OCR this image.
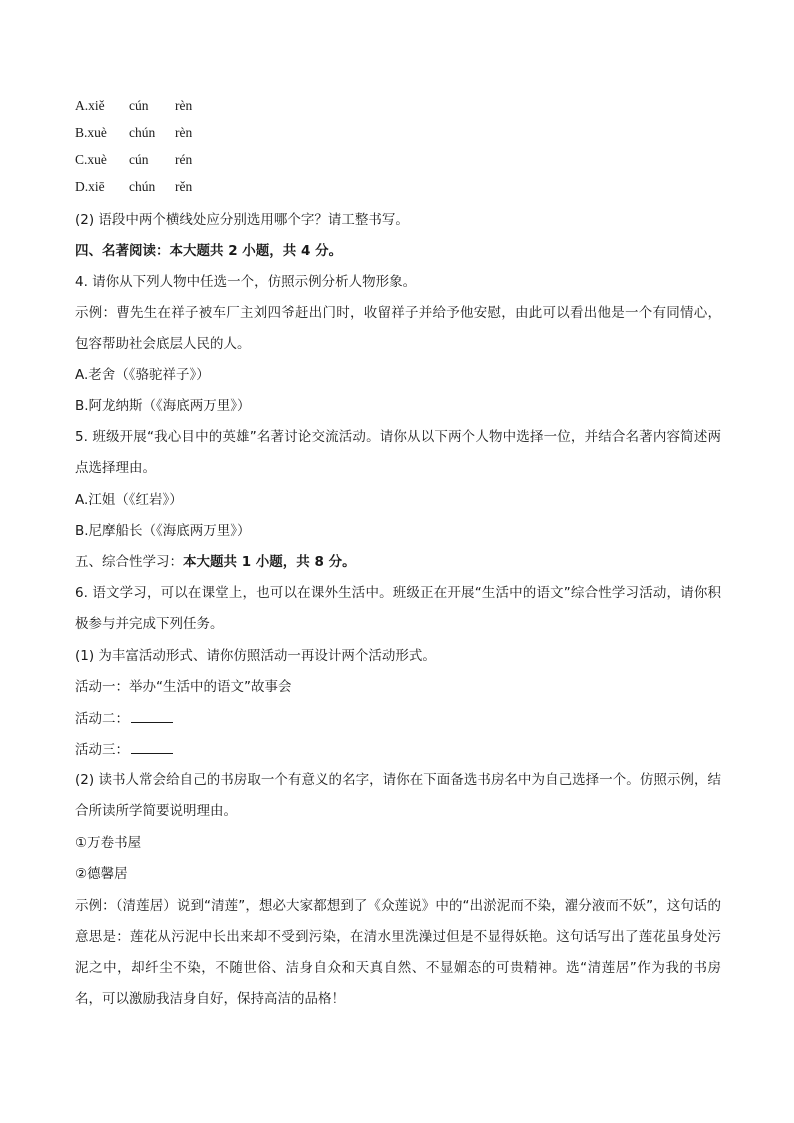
A.xiě cún rèn
B.xuè chún rèn
C.xuè cún rén
D.xiē chún rěn
(2) 语段中两个横线处应分别选用哪个字？请工整书写。
四、名著阅读：本大题共 2 小题，共 4 分。
4. 请你从下列人物中任选一个，仿照示例分析人物形象。
示例：曹先生在祥子被车厂主刘四爷赶出门时，收留祥子并给予他安慰，由此可以看出他是一个有同情心，包容帮助社会底层人民的人。
A.老舍（《骆驼祥子》）
B.阿龙纳斯（《海底两万里》）
5. 班级开展“我心目中的英雄”名著讨论交流活动。请你从以下两个人物中选择一位，并结合名著内容简述两点选择理由。
A.江姐（《红岩》）
B.尼摩船长（《海底两万里》）
五、综合性学习：本大题共 1 小题，共 8 分。
6. 语文学习，可以在课堂上，也可以在课外生活中。班级正在开展“生活中的语文”综合性学习活动，请你积极参与并完成下列任务。
(1) 为丰富活动形式、请你仿照活动一再设计两个活动形式。
活动一：举办“生活中的语文”故事会
活动二：
活动三：
(2) 读书人常会给自己的书房取一个有意义的名字，请你在下面备选书房名中为自己选择一个。仿照示例，结合所读所学简要说明理由。
①万卷书屋
②德馨居
示例：（清莲居）说到“清莲”，想必大家都想到了《众莲说》中的“出淤泥而不染，濯分液而不妖”，这句话的意思是：莲花从污泥中长出来却不受到污染，在清水里洗澡过但是不显得妖艳。这句话写出了莲花虽身处污泥之中，却纤尘不染，不随世俗、洁身自众和天真自然、不显媚态的可贵精神。选“清莲居”作为我的书房名，可以激励我洁身自好，保持高洁的品格！
